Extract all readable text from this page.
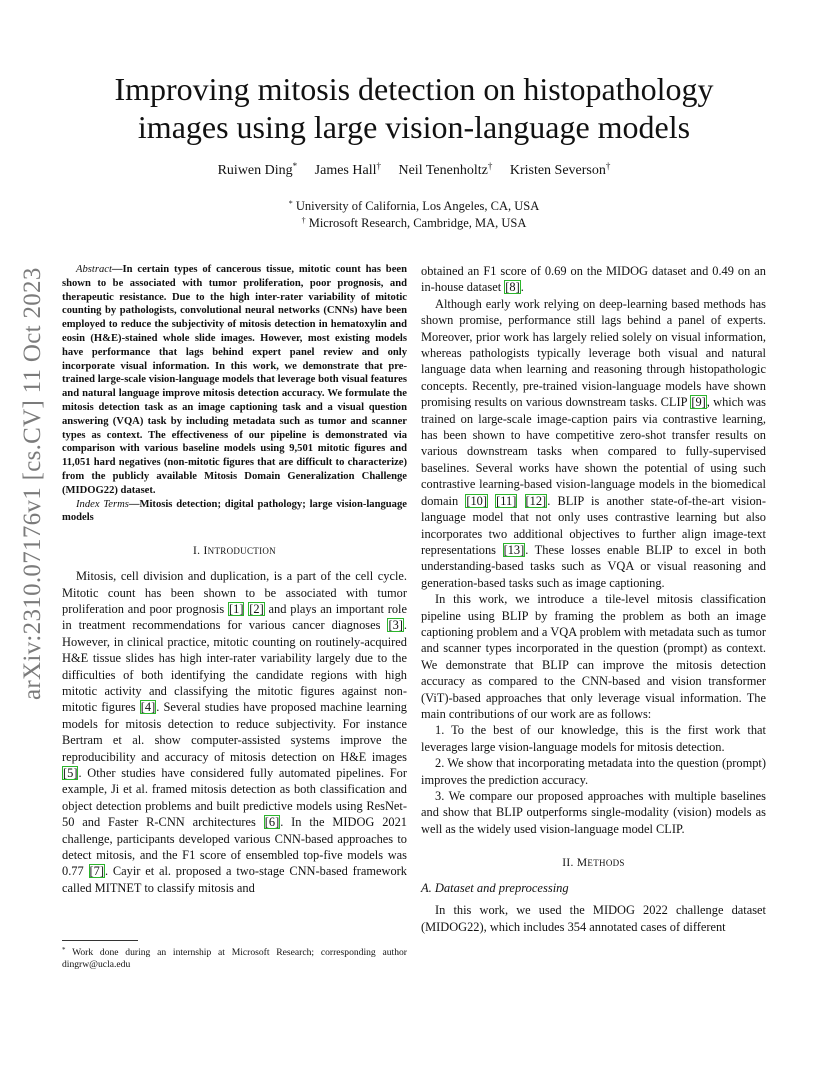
arXiv:2310.07176v1 [cs.CV] 11 Oct 2023
Improving mitosis detection on histopathology
images using large vision-language models
Ruiwen Ding* James Hall† Neil Tenenholtz† Kristen Severson†
* University of California, Los Angeles, CA, USA
† Microsoft Research, Cambridge, MA, USA

Abstract—In certain types of cancerous tissue, mitotic count has been shown to be associated with tumor proliferation, poor prognosis, and therapeutic resistance. Due to the high inter-rater variability of mitotic counting by pathologists, convolutional neural networks (CNNs) have been employed to reduce the subjectivity of mitosis detection in hematoxylin and eosin (H&E)-stained whole slide images. However, most existing models have performance that lags behind expert panel review and only incorporate visual information. In this work, we demonstrate that pre-trained large-scale vision-language models that leverage both visual features and natural language improve mitosis detection accuracy. We formulate the mitosis detection task as an image captioning task and a visual question answering (VQA) task by including metadata such as tumor and scanner types as context. The effectiveness of our pipeline is demonstrated via comparison with various baseline models using 9,501 mitotic figures and 11,051 hard negatives (non-mitotic figures that are difficult to characterize) from the publicly available Mitosis Domain Generalization Challenge (MIDOG22) dataset.

Index Terms—Mitosis detection; digital pathology; large vision-language models

I. INTRODUCTION

Mitosis, cell division and duplication, is a part of the cell cycle. Mitotic count has been shown to be associated with tumor proliferation and poor prognosis [1] [2] and plays an important role in treatment recommendations for various cancer diagnoses [3]. However, in clinical practice, mitotic counting on routinely-acquired H&E tissue slides has high inter-rater variability largely due to the difficulties of both identifying the candidate regions with high mitotic activity and classifying the mitotic figures against non-mitotic figures [4]. Several studies have proposed machine learning models for mitosis detection to reduce subjectivity. For instance Bertram et al. show computer-assisted systems improve the reproducibility and accuracy of mitosis detection on H&E images [5]. Other studies have considered fully automated pipelines. For example, Ji et al. framed mitosis detection as both classification and object detection problems and built predictive models using ResNet-50 and Faster R-CNN architectures [6]. In the MIDOG 2021 challenge, participants developed various CNN-based approaches to detect mitosis, and the F1 score of ensembled top-five models was 0.77 [7]. Cayir et al. proposed a two-stage CNN-based framework called MITNET to classify mitosis and

obtained an F1 score of 0.69 on the MIDOG dataset and 0.49 on an in-house dataset [8].

Although early work relying on deep-learning based methods has shown promise, performance still lags behind a panel of experts. Moreover, prior work has largely relied solely on visual information, whereas pathologists typically leverage both visual and natural language data when learning and reasoning through histopathologic concepts. Recently, pre-trained vision-language models have shown promising results on various downstream tasks. CLIP [9], which was trained on large-scale image-caption pairs via contrastive learning, has been shown to have competitive zero-shot transfer results on various downstream tasks when compared to fully-supervised baselines. Several works have shown the potential of using such contrastive learning-based vision-language models in the biomedical domain [10] [11] [12]. BLIP is another state-of-the-art vision-language model that not only uses contrastive learning but also incorporates two additional objectives to further align image-text representations [13]. These losses enable BLIP to excel in both understanding-based tasks such as VQA or visual reasoning and generation-based tasks such as image captioning.

In this work, we introduce a tile-level mitosis classification pipeline using BLIP by framing the problem as both an image captioning problem and a VQA problem with metadata such as tumor and scanner types incorporated in the question (prompt) as context. We demonstrate that BLIP can improve the mitosis detection accuracy as compared to the CNN-based and vision transformer (ViT)-based approaches that only leverage visual information. The main contributions of our work are as follows:

1. To the best of our knowledge, this is the first work that leverages large vision-language models for mitosis detection.

2. We show that incorporating metadata into the question (prompt) improves the prediction accuracy.

3. We compare our proposed approaches with multiple baselines and show that BLIP outperforms single-modality (vision) models as well as the widely used vision-language model CLIP.

II. METHODS
A. Dataset and preprocessing

In this work, we used the MIDOG 2022 challenge dataset (MIDOG22), which includes 354 annotated cases of different

* Work done during an internship at Microsoft Research; corresponding author dingrw@ucla.edu
